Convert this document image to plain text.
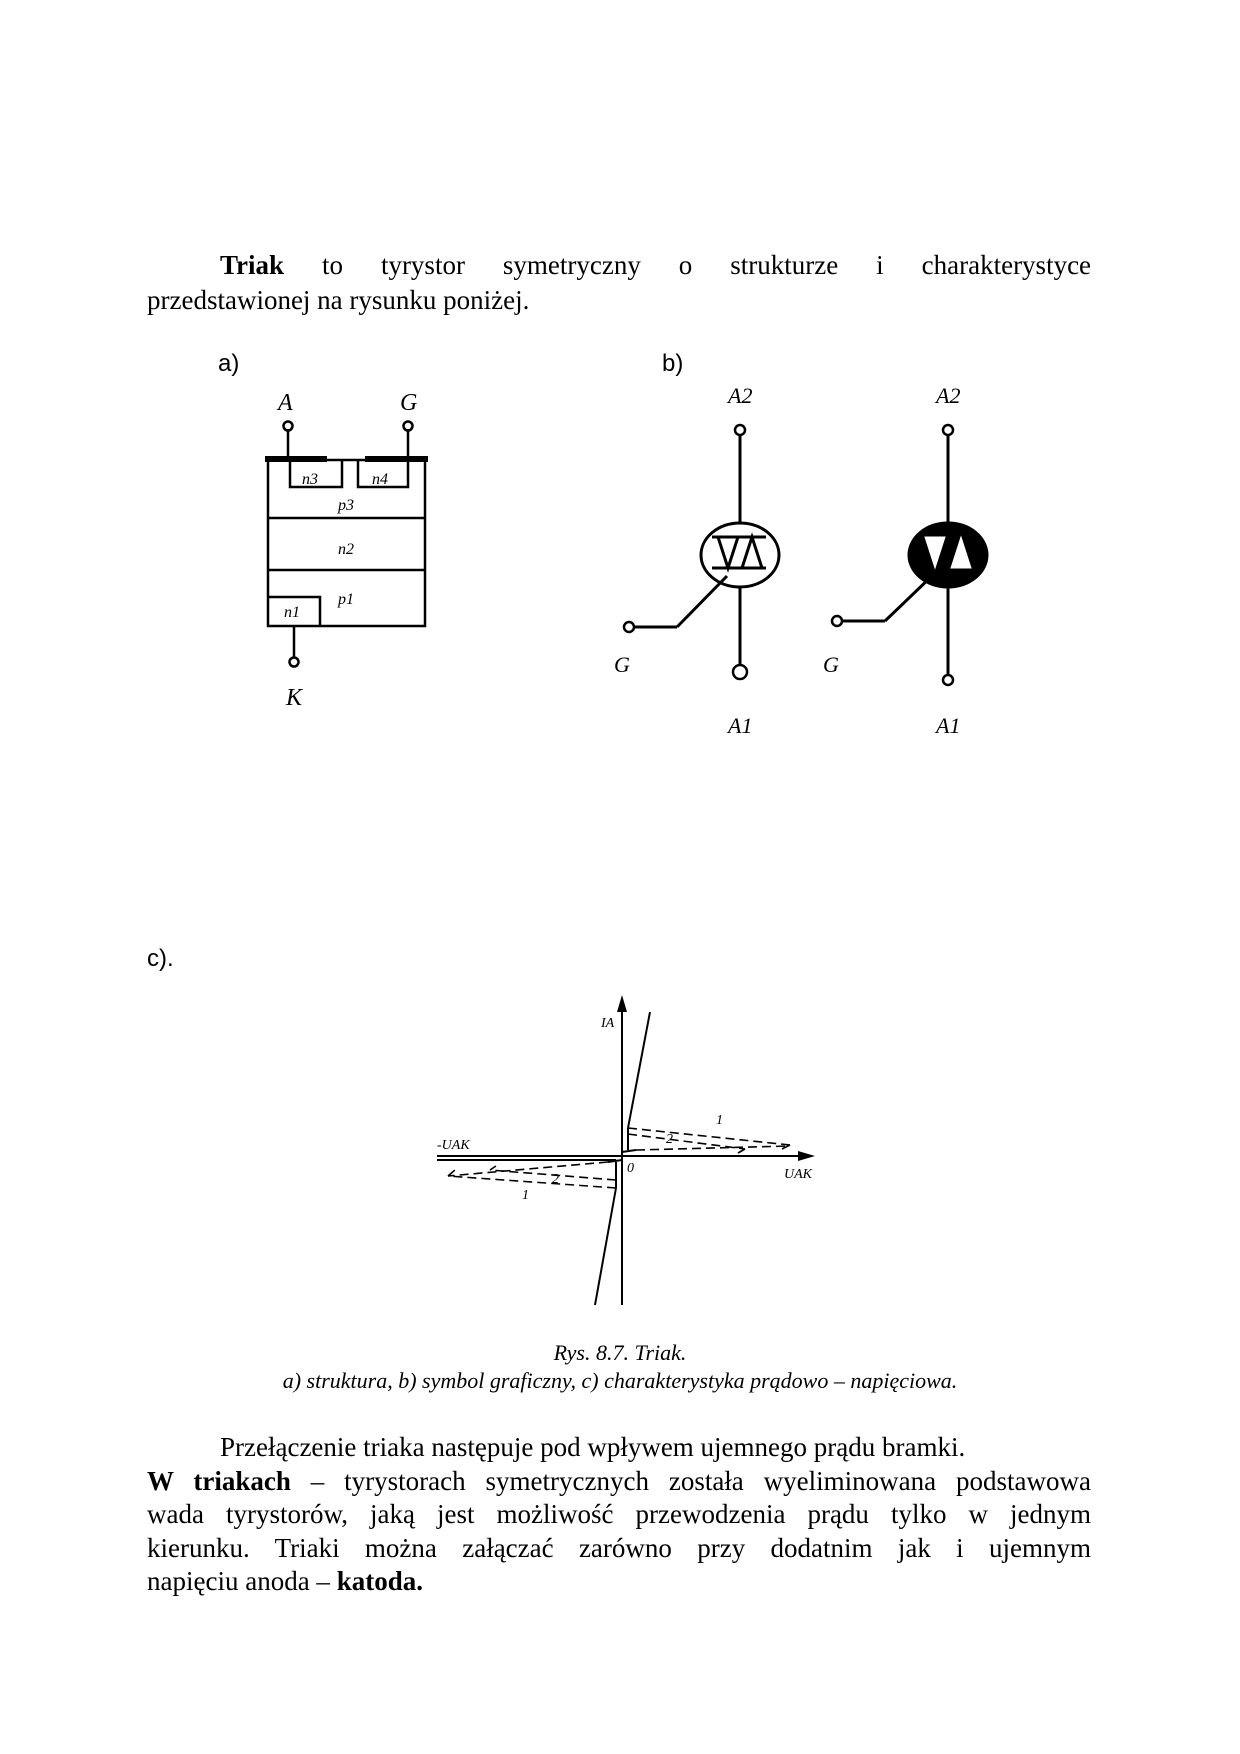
Triak to tyrystor symetryczny o strukturze i charakterystyce
przedstawionej na rysunku poniżej.
a)	b)
c).
A	G
K
n3	n4
p3
n2
p1
n1
A2
A1
G
A2
A1
G
IA
UAK
-UAK
0
1
2
2
1
Rys. 8.7. Triak.
a) struktura, b) symbol graficzny, c) charakterystyka prądowo – napięciowa.
Przełączenie triaka następuje pod wpływem ujemnego prądu bramki.
W triakach – tyrystorach symetrycznych została wyeliminowana podstawowa
wada tyrystorów, jaką jest możliwość przewodzenia prądu tylko w jednym
kierunku. Triaki można załączać zarówno przy dodatnim jak i ujemnym
napięciu anoda – katoda.
